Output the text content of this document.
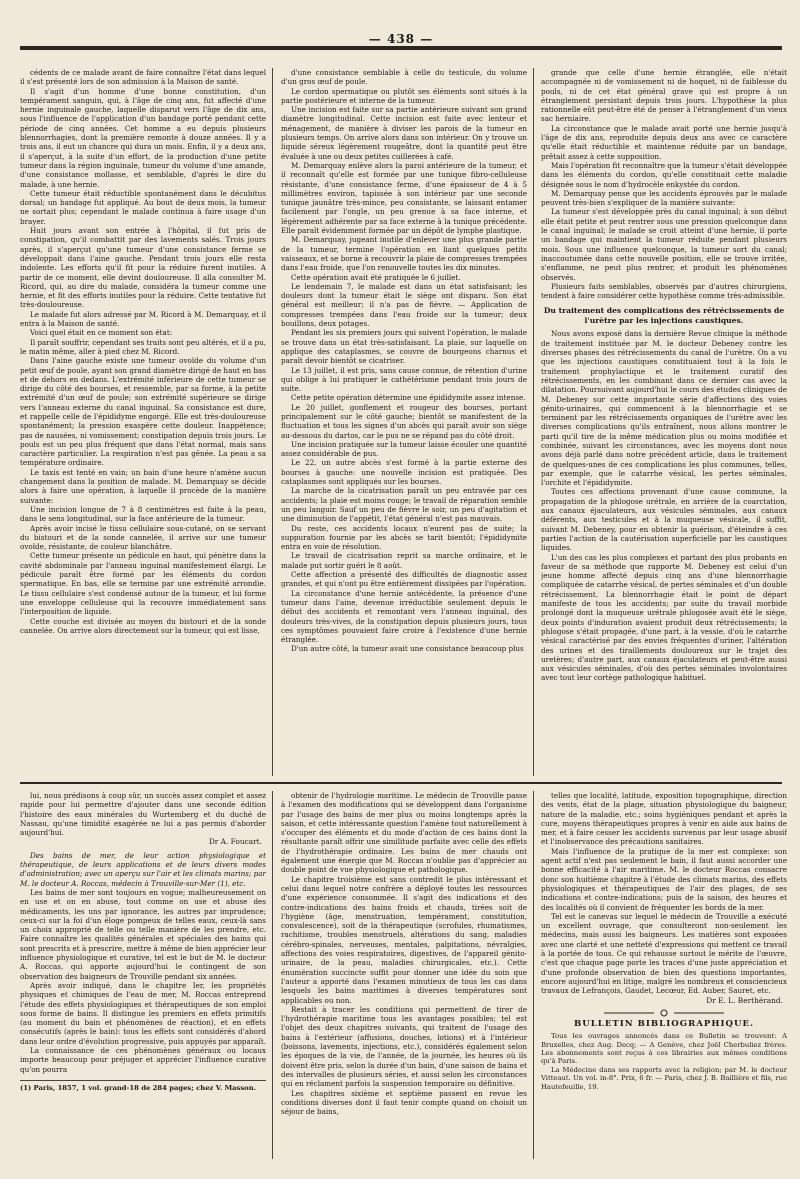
— 438 —

cédents de ce malade avant de faire connaître l'état dans lequel il s'est présenté lors de son admission à la Maison de santé.

Il s'agit d'un homme d'une bonne constitution, d'un tempérament sanguin, qui, à l'âge de cinq ans, fut affecté d'une hernie inguinale gauche, laquelle disparut vers l'âge de dix ans, sous l'influence de l'application d'un bandage porté pendant cette période de cinq années. Cet homme a eu depuis plusieurs blennorrhagies, dont la première remonte à douze années. Il y a trois ans, il eut un chancre qui dura un mois. Enfin, il y a deux ans, il s'aperçut, à la suite d'un effort, de la production d'une petite tumeur dans la région inguinale, tumeur du volume d'une amande, d'une consistance mollasse, et semblable, d'après le dire du malade, à une hernie.

Cette tumeur était réductible spontanément dans le décubitus dorsal; un bandage fut appliqué. Au bout de deux mois, la tumeur ne sortait plus; cependant le malade continua à faire usage d'un brayer.

Huit jours avant son entrée à l'hôpital, il fut pris de constipation, qu'il combattit par des lavements salés. Trois jours après, il s'aperçut qu'une tumeur d'une consistance ferme se développait dans l'aine gauche. Pendant trois jours elle resta indolente. Les efforts qu'il fit pour la réduire furent inutiles. A partir de ce moment, elle devint douloureuse. Il alla consulter M. Ricord, qui, au dire du malade, considéra la tumeur comme une hernie, et fit des efforts inutiles pour la réduire. Cette tentative fut très-douloureuse.

Le malade fut alors adressé par M. Ricord à M. Demarquay, et il entra à la Maison de santé.

Voici quel était en ce moment son état:

Il paraît souffrir, cependant ses traits sont peu altérés, et il a pu, le matin même, aller à pied chez M. Ricord.

Dans l'aine gauche existe une tumeur ovoïde du volume d'un petit œuf de poule, ayant son grand diamètre dirigé de haut en bas et de dehors en dedans. L'extrémité inférieure de cette tumeur se dirige du côté des bourses, et ressemble, par sa forme, à la petite extrémité d'un œuf de poule; son extrémité supérieure se dirige vers l'anneau externe du canal inguinal. Sa consistance est dure, et rappelle celle de l'épididyme engorgé. Elle est très-douloureuse spontanément; la pression exaspère cette douleur. Inappétence; pas de nausées, ni vomissement; constipation depuis trois jours. Le pouls est un peu plus fréquent que dans l'état normal, mais sans caractère particulier. La respiration n'est pas gênée. La peau a sa température ordinaire.

Le taxis est tenté en vain; un bain d'une heure n'amène aucun changement dans la position de malade. M. Demarquay se décide alors à faire une opération, à laquelle il procède de la manière suivante:

Une incision longue de 7 à 8 centimètres est faite à la peau, dans le sens longitudinal, sur la face antérieure de la tumeur.

Après avoir incisé le tissu cellulaire sous-cutané, on se servant du bistouri et de la sonde cannelée, il arrive sur une tumeur ovoïde, résistante, de couleur blanchâtre.

Cette tumeur présente un pédicule en haut, qui pénètre dans la cavité abdominale par l'anneau inguinal manifestement élargi. Le pédicule paraît être formé par les éléments du cordon spermatique. En bas, elle se termine par une extrémité arrondie. Le tissu cellulaire s'est condensé autour de la tumeur, et lui forme une enveloppe celluleuse qui la recouvre immédiatement sans l'interposition de liquide.

Cette couche est divisée au moyen du bistouri et de la sonde cannelée. On arrive alors directement sur la tumeur, qui est lisse,

d'une consistance semblable à celle du testicule, du volume d'un gros œuf de poule.

Le cordon spermatique ou plutôt ses éléments sont situés à la partie postérieure et interne de la tumeur.

Une incision est faite sur sa partie antérieure suivant son grand diamètre longitudinal. Cette incision est faite avec lenteur et ménagement, de manière à diviser les parois de la tumeur en plusieurs temps. On arrive alors dans son intérieur. On y trouve un liquide séreux légèrement rougeâtre, dont la quantité peut être évaluée à une ou deux petites cuillerées à café.

M. Demarquay enlève alors la paroi antérieure de la tumeur, et il reconnaît qu'elle est formée par une tunique fibro-celluleuse résistante, d'une consistance ferme, d'une épaisseur de 4 à 5 millimètres environ, tapissée à son intérieur par une seconde tunique jaunâtre très-mince, peu consistante, se laissant entamer facilement par l'ongle, un peu grenue à sa face interne, et légèrement adhérente par sa face externe à la tunique précédente. Elle paraît évidemment formée par un dépôt de lymphe plastique.

M. Demarquay, jugeant inutile d'enlever une plus grande partie de la tumeur, termine l'opération en liant quelques petits vaisseaux, et se borne à recouvrir la plaie de compresses trempées dans l'eau froide, que l'on renouvelle toutes les dix minutes.

Cette opération avait été pratiquée le 6 juillet.

Le lendemain 7, le malade est dans un état satisfaisant; les douleurs dont la tumeur était le siège ont disparu. Son état général est meilleur; il n'a pas de fièvre. — Application de compresses trempées dans l'eau froide sur la tumeur; deux bouillons, deux potages.

Pendant les six premiers jours qui suivent l'opération, le malade se trouve dans un état très-satisfaisant. La plaie, sur laquelle on applique des cataplasmes, se couvre de bourgeons charnus et paraît devoir bientôt se cicatriser.

Le 13 juillet, il est pris, sans cause connue, de rétention d'urine qui oblige à lui pratiquer le cathétérisme pendant trois jours de suite.

Cette petite opération détermine une épididymite assez intense.

Le 20 juillet, gonflement et rougeur des bourses, portant principalement sur le côté gauche; bientôt se manifestent de la fluctuation et tous les signes d'un abcès qui paraît avoir son siège au-dessous du dartos, car le pus ne se répand pas du côté droit.

Une incision pratiquée sur la tumeur laisse écouler une quantité assez considérable de pus.

Le 22, un autre abcès s'est formé à la partie externe des bourses à gauche: une nouvelle incision est pratiquée. Des cataplasmes sont appliqués sur les bourses.

La marche de la cicatrisation paraît un peu entravée par ces accidents; la plaie est moins rouge; le travail de réparation semble un peu languir. Sauf un peu de fièvre le soir, un peu d'agitation et une diminution de l'appétit, l'état général n'est pas mauvais.

Du reste, ces accidents locaux n'eurent pas de suite; la suppuration fournie par les abcès se tarit bientôt; l'épididymite entra en voie de résolution.

Le travail de cicatrisation reprit sa marche ordinaire, et le malade put sortir guéri le 8 août.

Cette affection a présenté des difficultés de diagnostic assez grandes, et qui n'ont pu être entièrement dissipées par l'opération.

La circonstance d'une hernie antécédente, la présence d'une tumeur dans l'aine, devenue irréductible seulement depuis le début des accidents et remontant vers l'anneau inguinal, des douleurs très-vives, de la constipation depuis plusieurs jours, tous ces symptômes pouvaient faire croire à l'existence d'une hernie étranglée.

D'un autre côté, la tumeur avait une consistance beaucoup plus

grande que celle d'une hernie étranglée, elle n'était accompagnée ni de vomissement ni de hoquet, ni de faiblesse du pouls, ni de cet état général grave qui est propre à un étranglement persistant depuis trois jours. L'hypothèse la plus rationnelle eût peut-être été de penser à l'étranglement d'un vieux sac herniaire.

La circonstance que le malade avait porté une hernie jusqu'à l'âge de dix ans, reproduite depuis deux ans avec ce caractère qu'elle était réductible et maintenue réduite par un bandage, prêtait assez à cette supposition.

Mais l'opération fit reconnaître que la tumeur s'était développée dans les éléments du cordon, qu'elle constituait cette maladie désignée sous le nom d'hydrocèle enkystée du cordon.

M. Demarquay pense que les accidents éprouvés par le malade peuvent très-bien s'expliquer de la manière suivante:

La tumeur s'est développée près du canal inguinal; à son début elle était petite et peut rentrer sous une pression quelconque dans le canal inguinal; le malade se croit atteint d'une hernie, il porte un bandage qui maintient la tumeur réduite pendant plusieurs mois. Sous une influence quelconque, la tumeur sort du canal; inaccoutumée dans cette nouvelle position, elle se trouve irritée, s'enflamme, ne peut plus rentrer, et produit les phénomènes observés.

Plusieurs faits semblables, observés par d'autres chirurgiens, tendent à faire considérer cette hypothèse comme très-admissible.

Du traitement des complications des rétrécissements de l'urètre par les injections caustiques.

Nous avons exposé dans la dernière Revue clinique la méthode de traitement instituée par M. le docteur Debeney contre les diverses phases des rétrécissements du canal de l'urètre. On a vu que les injections caustiques constituaient tout à la fois le traitement prophylactique et le traitement curatif des rétrécissements, en les combinant dans ce dernier cas avec la dilatation. Poursuivant aujourd'hui le cours des études cliniques de M. Debeney sur cette importante série d'affections des voies génito-urinaires, qui commencent à la blennorrhagie et se terminent par les rétrécissements organiques de l'urètre avec les diverses complications qu'ils entraînent, nous allons montrer le parti qu'il tire de la même médication plus ou moins modifiée et combinée, suivant les circonstances, avec les moyens dont nous avons déjà parlé dans notre précédent article, dans le traitement de quelques-unes de ces complications les plus communes, telles, par exemple, que le catarrhe vésical, les pertes séminales, l'orchite et l'épididymite.

Toutes ces affections provenant d'une cause commune, la propagation de la phlogose urétrale, en arrière de la coarctation, aux canaux éjaculateurs, aux vésicules séminales, aux canaux déférents, aux testicules et à la muqueuse vésicale, il suffit, suivant M. Debeney, pour en obtenir la guérison, d'éteindre à ces parties l'action de la cautérisation superficielle par les caustiques liquides.

L'un des cas les plus complexes et partant des plus probants en faveur de sa méthode que rapporte M. Debeney est celui d'un jeune homme affecté depuis cinq ans d'une blennorrhagie compliquée de catarrhe vésical, de pertes séminales et d'un double rétrécissement. La blennorrhagie était le point de départ manifeste de tous les accidents; par suite du travail morbide prolongé dont la muqueuse urétrale phlogosée avait été le siège, deux points d'induration avaient produit deux rétrécissements; la phlogose s'était propagée, d'une part, à la vessie, d'où le catarrhe vésical caractérisé par des envies fréquentes d'uriner, l'altération des urines et des tiraillements douloureux sur le trajet des uretères; d'autre part, aux canaux éjaculateurs et peut-être aussi aux vésicules séminales, d'où des pertes séminales involontaires avec tout leur cortège pathologique habituel.

lui, nous prédisons à coup sûr, un succès assez complet et assez rapide pour lui permettre d'ajouter dans une seconde édition l'histoire des eaux minérales du Wurtemberg et du duché de Nassau, qu'une timidité exagérée ne lui a pas permis d'aborder aujourd'hui.

Dr A. Foucart.

Des bains de mer, de leur action physiologique et thérapeutique, de leurs applications et de leurs divers modes d'administration; avec un aperçu sur l'air et les climats marins; par M. le docteur A. Roccas, médecin à Trouville-sur-Mer (1), etc.

Les bains de mer sont toujours en vogue; malheureusement on en use et on en abuse, tout comme on use et abuse des médicaments, les uns par ignorance, les autres par imprudence; ceux-ci sur la foi d'un éloge pompeux de telles eaux, ceux-là sans un choix approprié de telle ou telle manière de les prendre, etc. Faire connaître les qualités générales et spéciales des bains qui sont prescrits et à prescrire, mettre à même de bien apprécier leur influence physiologique et curative, tel est le but de M. le docteur A. Roccas, qui apporte aujourd'hui le contingent de son observation des baigneurs de Trouville pendant six années.

Après avoir indiqué, dans le chapitre Ier, les propriétés physiques et chimiques de l'eau de mer, M. Roccas entreprend l'étude des effets physiologiques et thérapeutiques de son emploi sous forme de bains. Il distingue les premiers en effets primitifs (au moment du bain et phénomènes de réaction), et en effets consécutifs (après le bain): tous les effets sont considérés d'abord dans leur ordre d'évolution progressive, puis appuyés par apparaît.

La connaissance de ces phénomènes généraux ou locaux importe beaucoup pour préjuger et apprécier l'influence curative qu'on pourra

(1) Paris, 1857, 1 vol. grand-18 de 284 pages; chez V. Masson.

obtenir de l'hydrologie maritime. Le médecin de Trouville passe à l'examen des modifications qui se développent dans l'organisme par l'usage des bains de mer plus ou moins longtemps après la saison, et cette intéressante question l'amène tout naturellement à s'occuper des éléments et du mode d'action de ces bains dont la résultante paraît offrir une similitude parfaite avec celle des effets de l'hydrothérapie ordinaire. Les bains de mer chauds ont également une énergie que M. Roccas n'oublie pas d'apprécier au double point de vue physiologique et pathologique.

Le chapitre troisième est sans contredit le plus intéressant et celui dans lequel notre confrère a déployé toutes les ressources d'une expérience consommée. Il s'agit des indications et des contre-indications des bains froids et chauds, tirées soit de l'hygiène (âge, menstruation, tempérament, constitution, convalescence), soit de la thérapeutique (scrofules, rhumatismes, rachitisme, troubles menstruels, altérations du sang, maladies cérébro-spinales, nerveuses, mentales, palpitations, névralgies, affections des voies respiratoires, digestives, de l'appareil génito-urinaire, de la peau, maladies chirurgicales, etc.). Cette énumération succincte suffit pour donner une idée du soin que l'auteur a apporté dans l'examen minutieux de tous les cas dans lesquels les bains maritimes à diverses températures sont applicables ou non.

Restait à tracer les conditions qui permettent de tirer de l'hydrothérapie maritime tous les avantages possibles; tel est l'objet des deux chapitres suivants, qui traitent de l'usage des bains à l'extérieur (affusions, douches, lotions) et à l'intérieur (boissons, lavements, injections, etc.), considérés également selon les époques de la vie, de l'année, de la journée, les heures où ils doivent être pris, selon la durée d'un bain, d'une saison de bains et des intervalles de plusieurs séries, et aussi selon les circonstances qui en réclament parfois la suspension temporaire ou définitive.

Les chapitres sixième et septième passent en revue les conditions diverses dont il faut tenir compte quand on choisit un séjour de bains,

telles que localité, latitude, exposition topographique, direction des vents, état de la plage, situation physiologique du baigneur, nature de la maladie, etc.; soins hygiéniques pendant et après la cure, moyens thérapeutiques propres à venir en aide aux bains de mer, et à faire cesser les accidents survenus par leur usage abusif et l'inobservance des précautions sanitaires.

Mais l'influence de la pratique de la mer est complexe: son agent actif n'est pas seulement le bain, il faut aussi accorder une bonne efficacité à l'air maritime. M. le docteur Roccas consacre donc son huitième chapitre à l'étude des climats marins, des effets physiologiques et thérapeutiques de l'air des plages, de ses indications et contre-indications; puis de la saison, des heures et des localités où il convient de fréquenter les bords de la mer.

Tel est le canevas sur lequel le médecin de Trouville a exécuté un excellent ouvrage, que consulteront non-seulement les médecins, mais aussi les baigneurs. Les matières sont exposées avec une clarté et une netteté d'expressions qui mettent ce travail à la portée de tous. Ce qui rehausse surtout le mérite de l'œuvre, c'est que chaque page porte les traces d'une juste appréciation et d'une profonde observation de bien des questions importantes, encore aujourd'hui en litige, malgré les nombreux et consciencieux travaux de Lefrançois, Gaudet, Lecœur, Ed. Auber, Sauret, etc.

Dr E. L. Berthérand.
BULLETIN BIBLIOGRAPHIQUE.

Tous les ouvrages annoncés dans ce Bulletin se trouvent: A Bruxelles, chez Aug. Decq; — A Genève, chez Joël Cherbuliez frères. Les abonnements sont reçus à ces librairies aux mêmes conditions qu'à Paris.

La Médecine dans ses rapports avec la religion; par M. le docteur Vitteaut. Un vol. in-8°. Prix, 6 fr. — Paris, chez J. B. Baillière et fils, rue Hautefeuille, 19.
